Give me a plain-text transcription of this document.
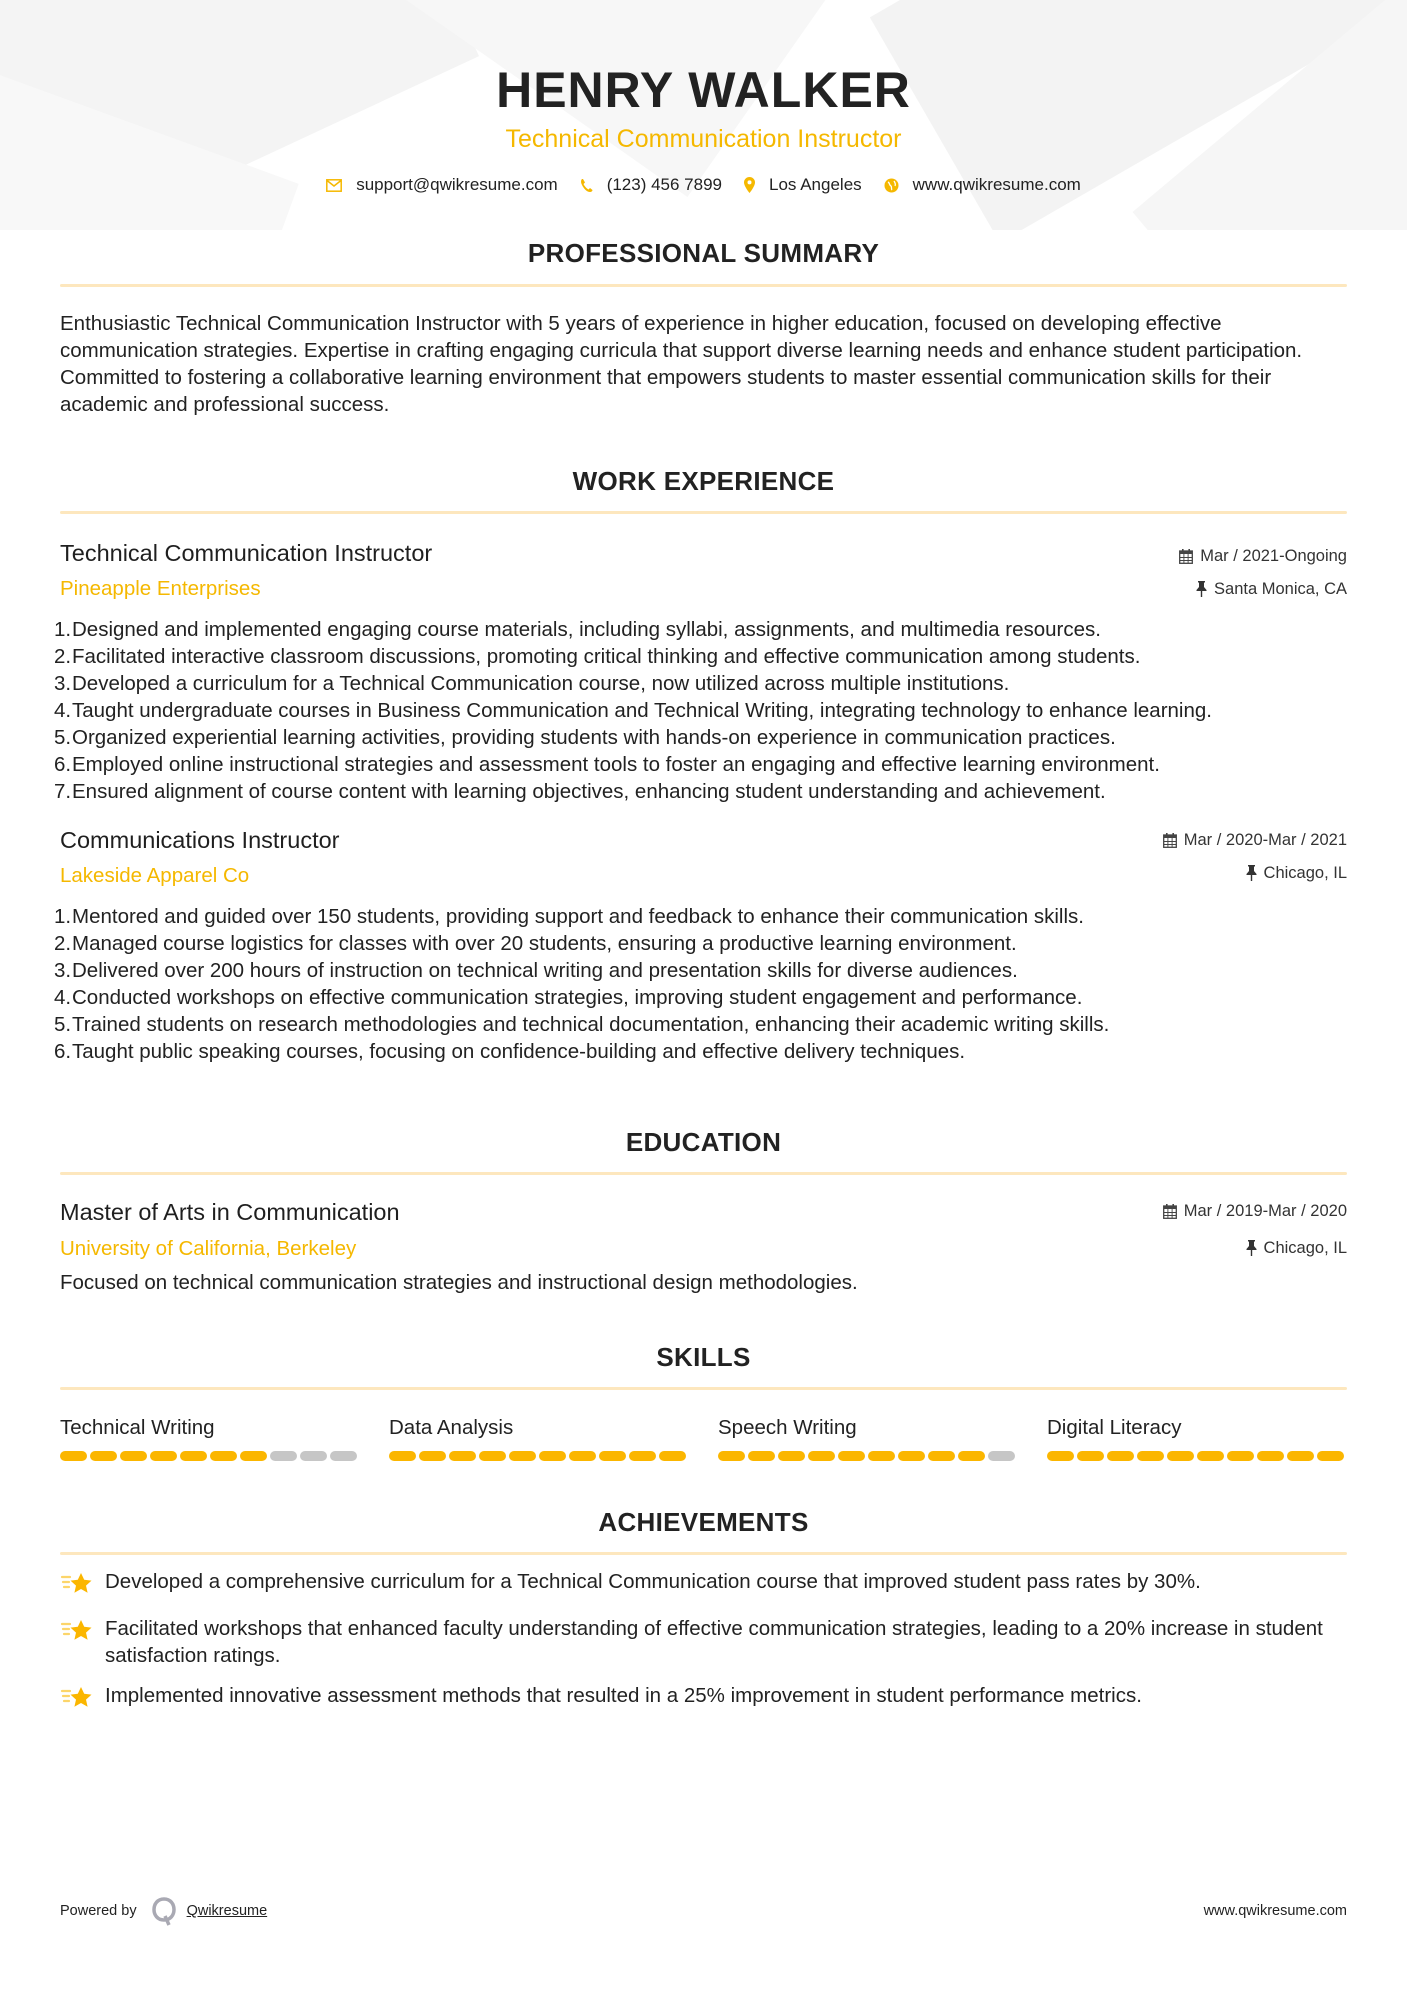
HENRY WALKER
Technical Communication Instructor
support@qwikresume.com	(123) 456 7899	Los Angeles	www.qwikresume.com
PROFESSIONAL SUMMARY

Enthusiastic Technical Communication Instructor with 5 years of experience in higher education, focused on developing effective communication strategies. Expertise in crafting engaging curricula that support diverse learning needs and enhance student participation. Committed to fostering a collaborative learning environment that empowers students to master essential communication skills for their academic and professional success.

WORK EXPERIENCE
Technical Communication Instructor
Pineapple Enterprises
Mar / 2021-Ongoing
Santa Monica, CA
1. Designed and implemented engaging course materials, including syllabi, assignments, and multimedia resources.
2. Facilitated interactive classroom discussions, promoting critical thinking and effective communication among students.
3. Developed a curriculum for a Technical Communication course, now utilized across multiple institutions.
4. Taught undergraduate courses in Business Communication and Technical Writing, integrating technology to enhance learning.
5. Organized experiential learning activities, providing students with hands-on experience in communication practices.
6. Employed online instructional strategies and assessment tools to foster an engaging and effective learning environment.
7. Ensured alignment of course content with learning objectives, enhancing student understanding and achievement.
Communications Instructor
Lakeside Apparel Co
Mar / 2020-Mar / 2021
Chicago, IL
1. Mentored and guided over 150 students, providing support and feedback to enhance their communication skills.
2. Managed course logistics for classes with over 20 students, ensuring a productive learning environment.
3. Delivered over 200 hours of instruction on technical writing and presentation skills for diverse audiences.
4. Conducted workshops on effective communication strategies, improving student engagement and performance.
5. Trained students on research methodologies and technical documentation, enhancing their academic writing skills.
6. Taught public speaking courses, focusing on confidence-building and effective delivery techniques.
EDUCATION
Master of Arts in Communication
University of California, Berkeley
Mar / 2019-Mar / 2020
Chicago, IL

Focused on technical communication strategies and instructional design methodologies.

SKILLS
Technical Writing	Data Analysis	Speech Writing	Digital Literacy
ACHIEVEMENTS
Developed a comprehensive curriculum for a Technical Communication course that improved student pass rates by 30%.
Facilitated workshops that enhanced faculty understanding of effective communication strategies, leading to a 20% increase in student satisfaction ratings.
Implemented innovative assessment methods that resulted in a 25% improvement in student performance metrics.
Powered by	Qwikresume	www.qwikresume.com
